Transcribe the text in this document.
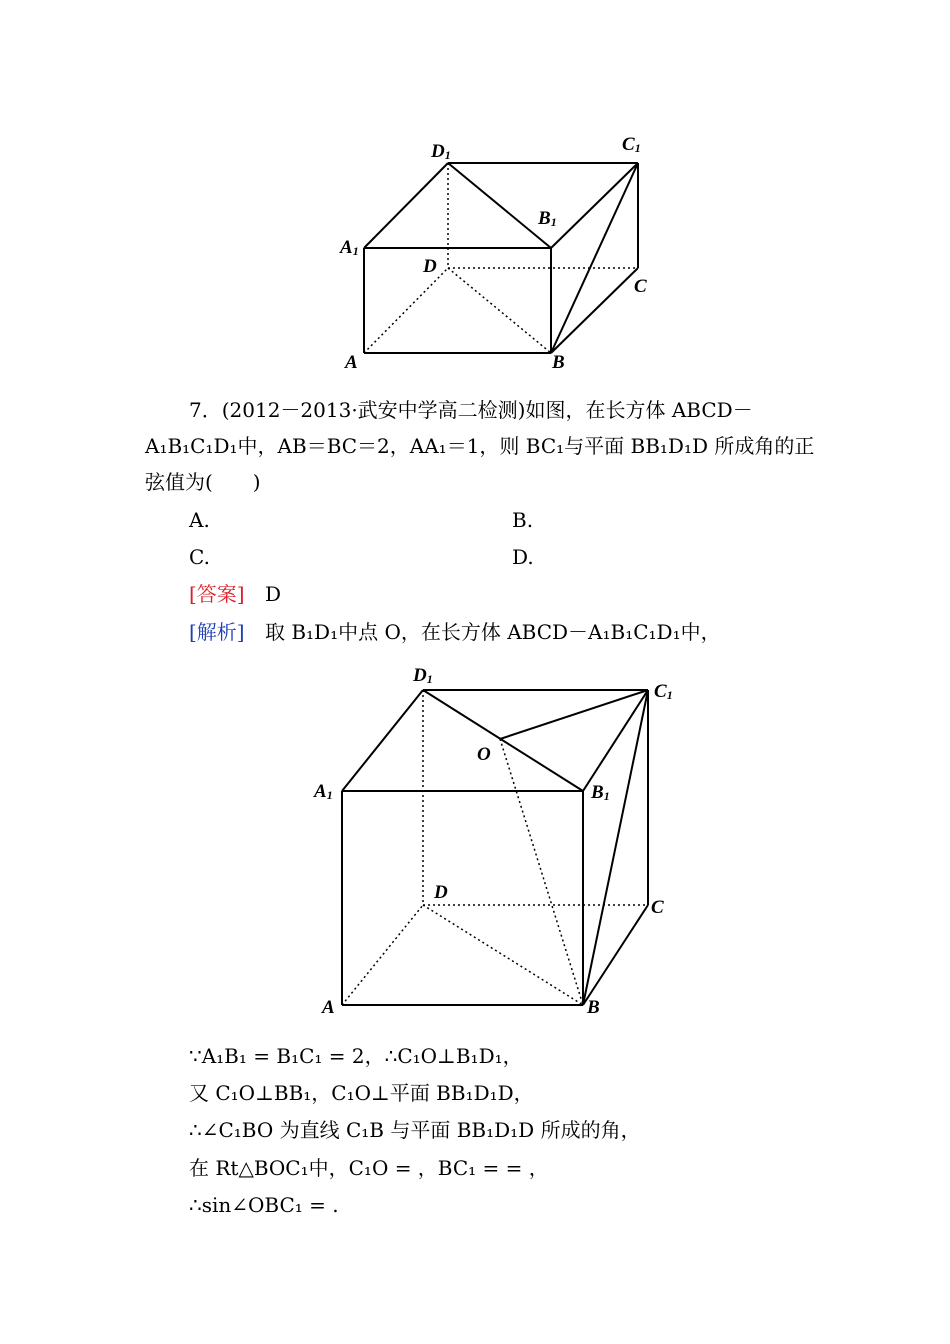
D1	C1
B1
A1
D
C
A	B
7．(2012－2013·武安中学高二检测)如图，在长方体 ABCD－
A₁B₁C₁D₁中，AB＝BC＝2，AA₁＝1，则 BC₁与平面 BB₁D₁D 所成角的正
弦值为(　　)
A.	B.
C.	D.
[答案] D
[解析] 取 B₁D₁中点 O，在长方体 ABCD－A₁B₁C₁D₁中，
D1
C1
O
B1
A1
D
C
A	B
∵A₁B₁ = B₁C₁ = 2，∴C₁O⊥B₁D₁，
又 C₁O⊥BB₁，C₁O⊥平面 BB₁D₁D，
∴∠C₁BO 为直线 C₁B 与平面 BB₁D₁D 所成的角，
在 Rt△BOC₁中，C₁O = ，BC₁ = = ，
∴sin∠OBC₁ = .
